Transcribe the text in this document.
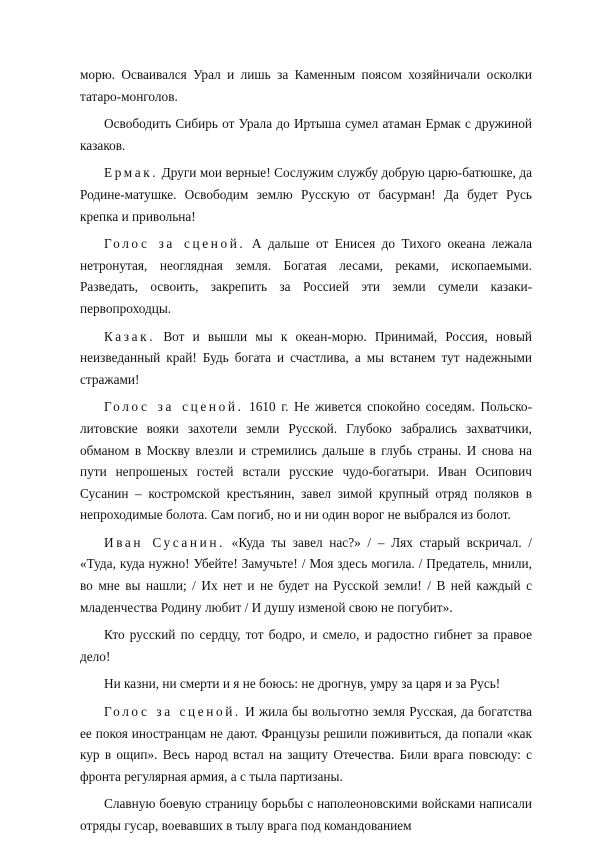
морю. Осваивался Урал и лишь за Каменным поясом хозяйничали осколки татаро-монголов.

Освободить Сибирь от Урала до Иртыша сумел атаман Ермак с дружиной казаков.

Ермак. Други мои верные! Сослужим службу добрую царю-батюшке, да Родине-матушке. Освободим землю Русскую от басурман! Да будет Русь крепка и привольна!

Голос за сценой. А дальше от Енисея до Тихого океана лежала нетронутая, неоглядная земля. Богатая лесами, реками, ископаемыми. Разведать, освоить, закрепить за Россией эти земли сумели казаки-первопроходцы.

Казак. Вот и вышли мы к океан-морю. Принимай, Россия, новый неизведанный край! Будь богата и счастлива, а мы встанем тут надежными стражами!

Голос за сценой. 1610 г. Не живется спокойно соседям. Польско-литовские вояки захотели земли Русской. Глубоко забрались захватчики, обманом в Москву влезли и стремились дальше в глубь страны. И снова на пути непрошеных гостей встали русские чудо-богатыри. Иван Осипович Сусанин – костромской крестьянин, завел зимой крупный отряд поляков в непроходимые болота. Сам погиб, но и ни один ворог не выбрался из болот.

Иван Сусанин. «Куда ты завел нас?» / – Лях старый вскричал. / «Туда, куда нужно! Убейте! Замучьте! / Моя здесь могила. / Предатель, мнили, во мне вы нашли; / Их нет и не будет на Русской земли! / В ней каждый с младенчества Родину любит / И душу изменой свою не погубит».

Кто русский по сердцу, тот бодро, и смело, и радостно гибнет за правое дело!

Ни казни, ни смерти и я не боюсь: не дрогнув, умру за царя и за Русь!

Голос за сценой. И жила бы вольготно земля Русская, да богатства ее покоя иностранцам не дают. Французы решили поживиться, да попали «как кур в ощип». Весь народ встал на защиту Отечества. Били врага повсюду: с фронта регулярная армия, а с тыла партизаны.

Славную боевую страницу борьбы с наполеоновскими войсками написали отряды гусар, воевавших в тылу врага под командованием
